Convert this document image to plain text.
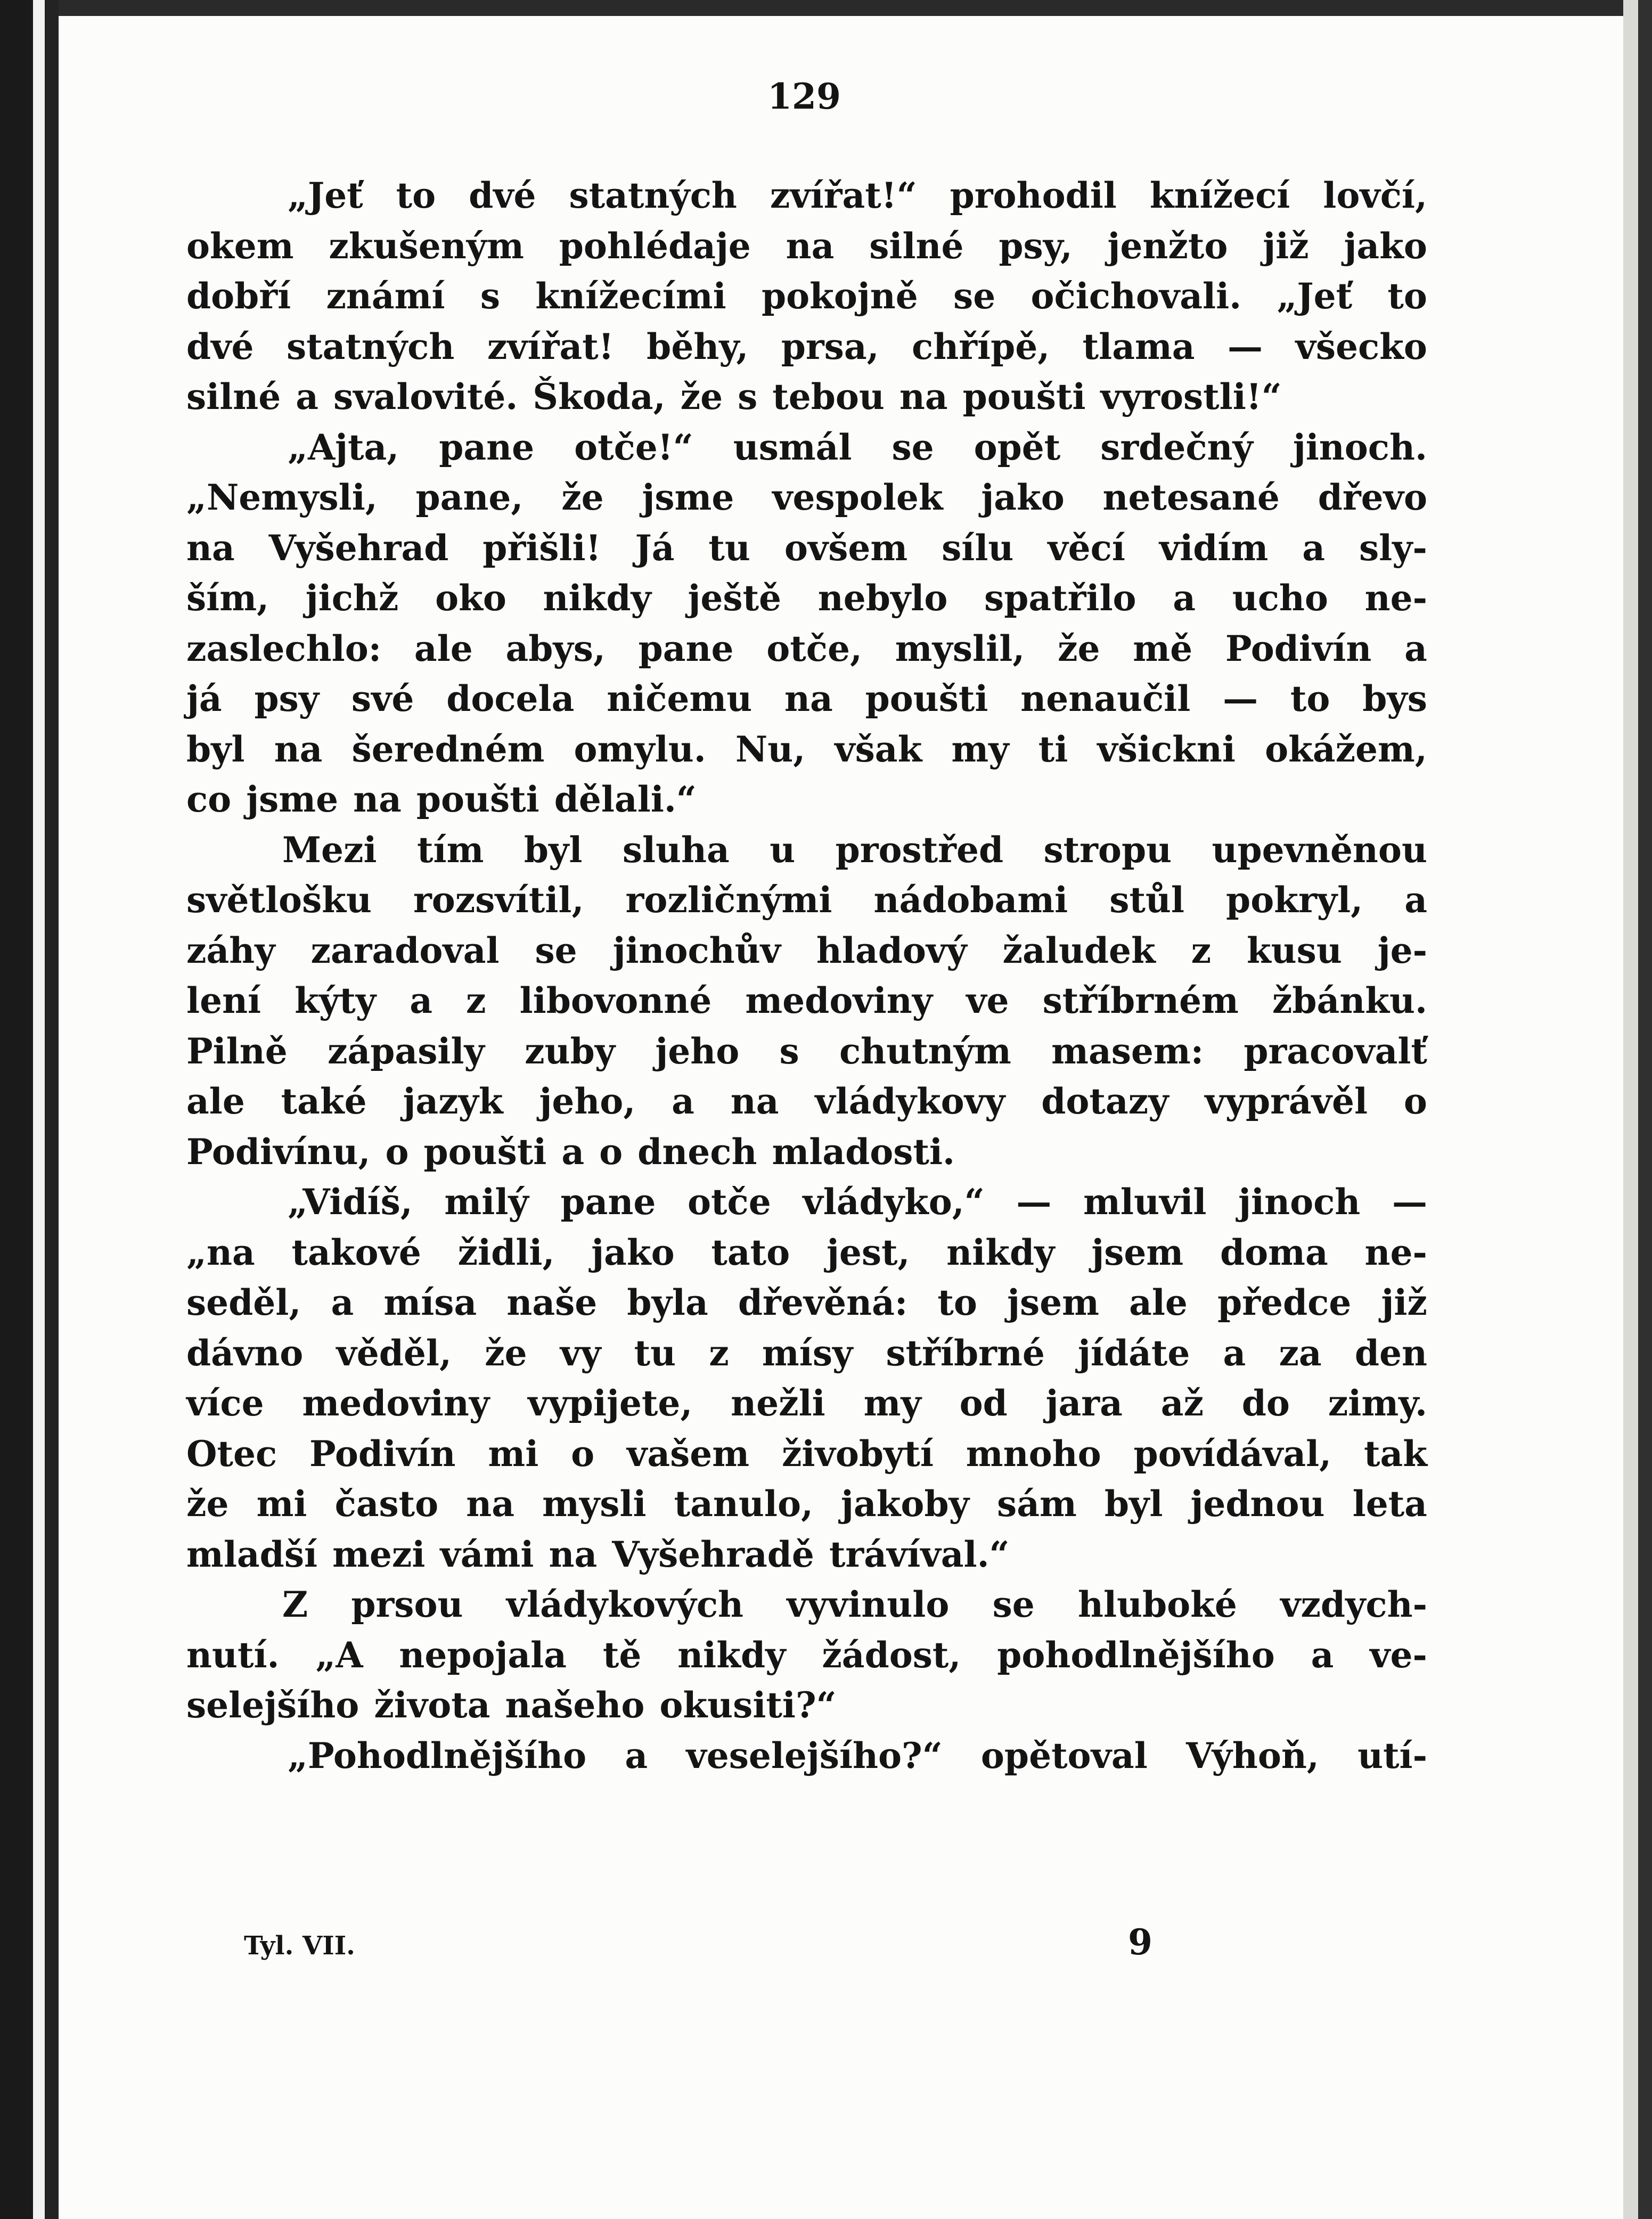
129
„Jeť to dvé statných zvířat!“ prohodil knížecí lovčí,
okem zkušeným pohlédaje na silné psy, jenžto již jako
dobří známí s knížecími pokojně se očichovali. „Jeť to
dvé statných zvířat! běhy, prsa, chřípě, tlama — všecko
silné a svalovité. Škoda, že s tebou na poušti vyrostli!“
„Ajta, pane otče!“ usmál se opět srdečný jinoch.
„Nemysli, pane, že jsme vespolek jako netesané dřevo
na Vyšehrad přišli! Já tu ovšem sílu věcí vidím a sly-
ším, jichž oko nikdy ještě nebylo spatřilo a ucho ne-
zaslechlo: ale abys, pane otče, myslil, že mě Podivín a
já psy své docela ničemu na poušti nenaučil — to bys
byl na šeredném omylu. Nu, však my ti všickni okážem,
co jsme na poušti dělali.“
Mezi tím byl sluha u prostřed stropu upevněnou
světlošku rozsvítil, rozličnými nádobami stůl pokryl, a
záhy zaradoval se jinochův hladový žaludek z kusu je-
lení kýty a z libovonné medoviny ve stříbrném žbánku.
Pilně zápasily zuby jeho s chutným masem: pracovalť
ale také jazyk jeho, a na vládykovy dotazy vyprávěl o
Podivínu, o poušti a o dnech mladosti.
„Vidíš, milý pane otče vládyko,“ — mluvil jinoch —
„na takové židli, jako tato jest, nikdy jsem doma ne-
seděl, a mísa naše byla dřevěná: to jsem ale předce již
dávno věděl, že vy tu z mísy stříbrné jídáte a za den
více medoviny vypijete, nežli my od jara až do zimy.
Otec Podivín mi o vašem živobytí mnoho povídával, tak
že mi často na mysli tanulo, jakoby sám byl jednou leta
mladší mezi vámi na Vyšehradě trávíval.“
Z prsou vládykových vyvinulo se hluboké vzdych-
nutí. „A nepojala tě nikdy žádost, pohodlnějšího a ve-
selejšího života našeho okusiti?“
„Pohodlnějšího a veselejšího?“ opětoval Výhoň, utí-
Tyl. VII.	9
